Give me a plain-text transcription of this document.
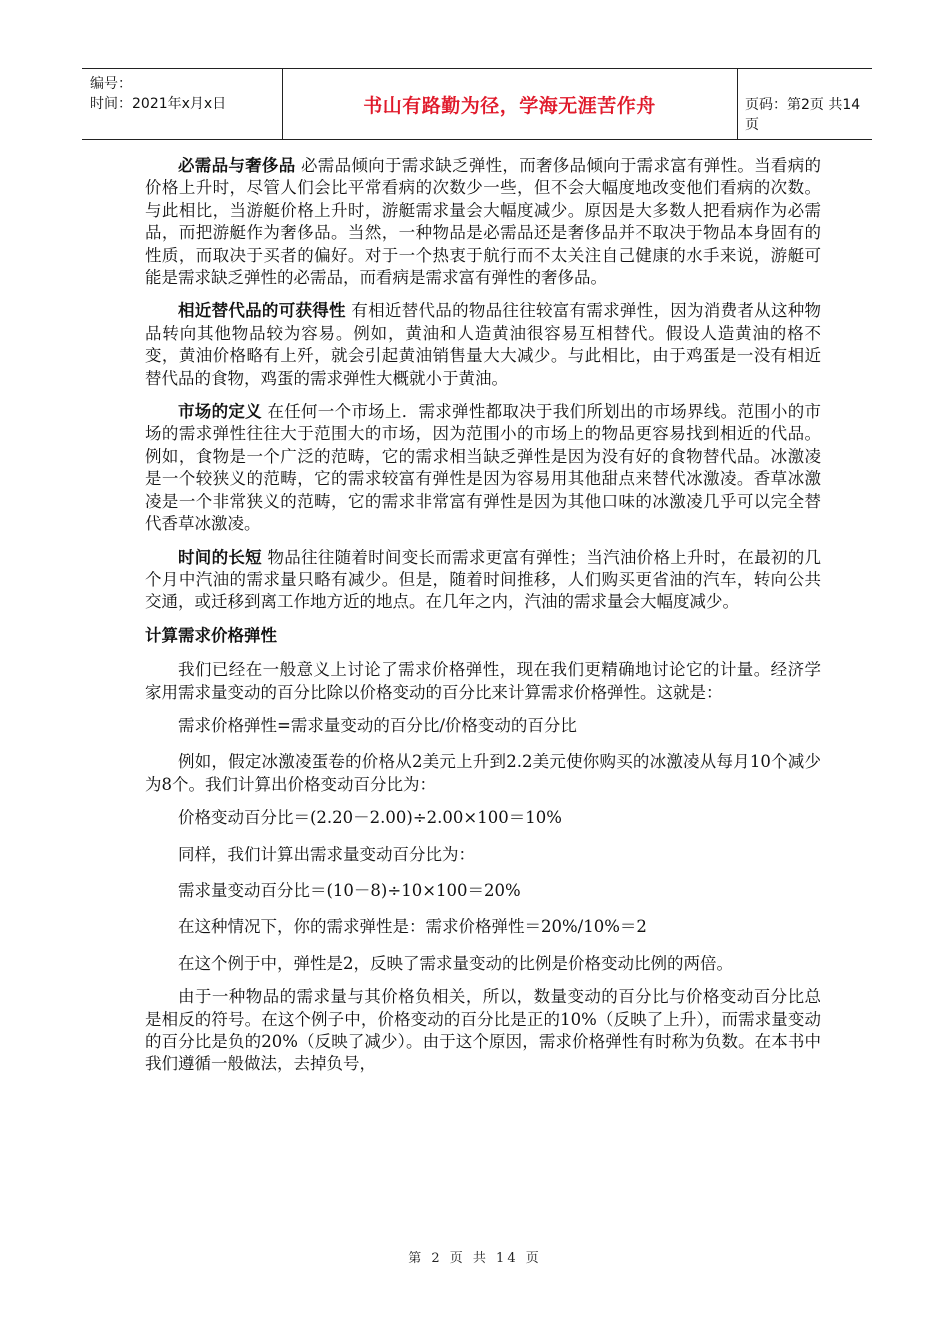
编号：
时间：2021年x月x日	书山有路勤为径，学海无涯苦作舟	页码：第2页 共14页

必需品与奢侈品 必需品倾向于需求缺乏弹性，而奢侈品倾向于需求富有弹性。当看病的价格上升时，尽管人们会比平常看病的次数少一些，但不会大幅度地改变他们看病的次数。与此相比，当游艇价格上升时，游艇需求量会大幅度减少。原因是大多数人把看病作为必需品，而把游艇作为奢侈品。当然，一种物品是必需品还是奢侈品并不取决于物品本身固有的性质，而取决于买者的偏好。对于一个热衷于航行而不太关注自己健康的水手来说，游艇可能是需求缺乏弹性的必需品，而看病是需求富有弹性的奢侈品。

相近替代品的可获得性 有相近替代品的物品往往较富有需求弹性，因为消费者从这种物品转向其他物品较为容易。例如，黄油和人造黄油很容易互相替代。假设人造黄油的格不变，黄油价格略有上歼，就会引起黄油销售量大大减少。与此相比，由于鸡蛋是一没有相近替代品的食物，鸡蛋的需求弹性大概就小于黄油。

市场的定义 在任何一个市场上．需求弹性都取决于我们所划出的市场界线。范围小的市场的需求弹性往往大于范围大的市场，因为范围小的市场上的物品更容易找到相近的代品。例如，食物是一个广泛的范畴，它的需求相当缺乏弹性是因为没有好的食物替代品。冰激凌是一个较狭义的范畴，它的需求较富有弹性是因为容易用其他甜点来替代冰激凌。香草冰激凌是一个非常狭义的范畴，它的需求非常富有弹性是因为其他口味的冰激凌几乎可以完全替代香草冰激凌。

时间的长短 物品往往随着时间变长而需求更富有弹性；当汽油价格上升时，在最初的几个月中汽油的需求量只略有减少。但是，随着时间推移，人们购买更省油的汽车，转向公共交通，或迁移到离工作地方近的地点。在几年之内，汽油的需求量会大幅度减少。

计算需求价格弹性

我们已经在一般意义上讨论了需求价格弹性，现在我们更精确地讨论它的计量。经济学家用需求量变动的百分比除以价格变动的百分比来计算需求价格弹性。这就是：

需求价格弹性=需求量变动的百分比/价格变动的百分比

例如，假定冰激凌蛋卷的价格从2美元上升到2.2美元使你购买的冰激凌从每月10个减少为8个。我们计算出价格变动百分比为：

价格变动百分比＝(2.20－2.00)÷2.00×100＝10%

同样，我们计算出需求量变动百分比为：

需求量变动百分比＝(10－8)÷10×100＝20%

在这种情况下，你的需求弹性是：需求价格弹性＝20%/10%＝2

在这个例于中，弹性是2，反映了需求量变动的比例是价格变动比例的两倍。

由于一种物品的需求量与其价格负相关，所以，数量变动的百分比与价格变动百分比总是相反的符号。在这个例子中，价格变动的百分比是正的10%（反映了上升），而需求量变动的百分比是负的20%（反映了减少）。由于这个原因，需求价格弹性有时称为负数。在本书中我们遵循一般做法，去掉负号，

第 2 页 共 14 页
